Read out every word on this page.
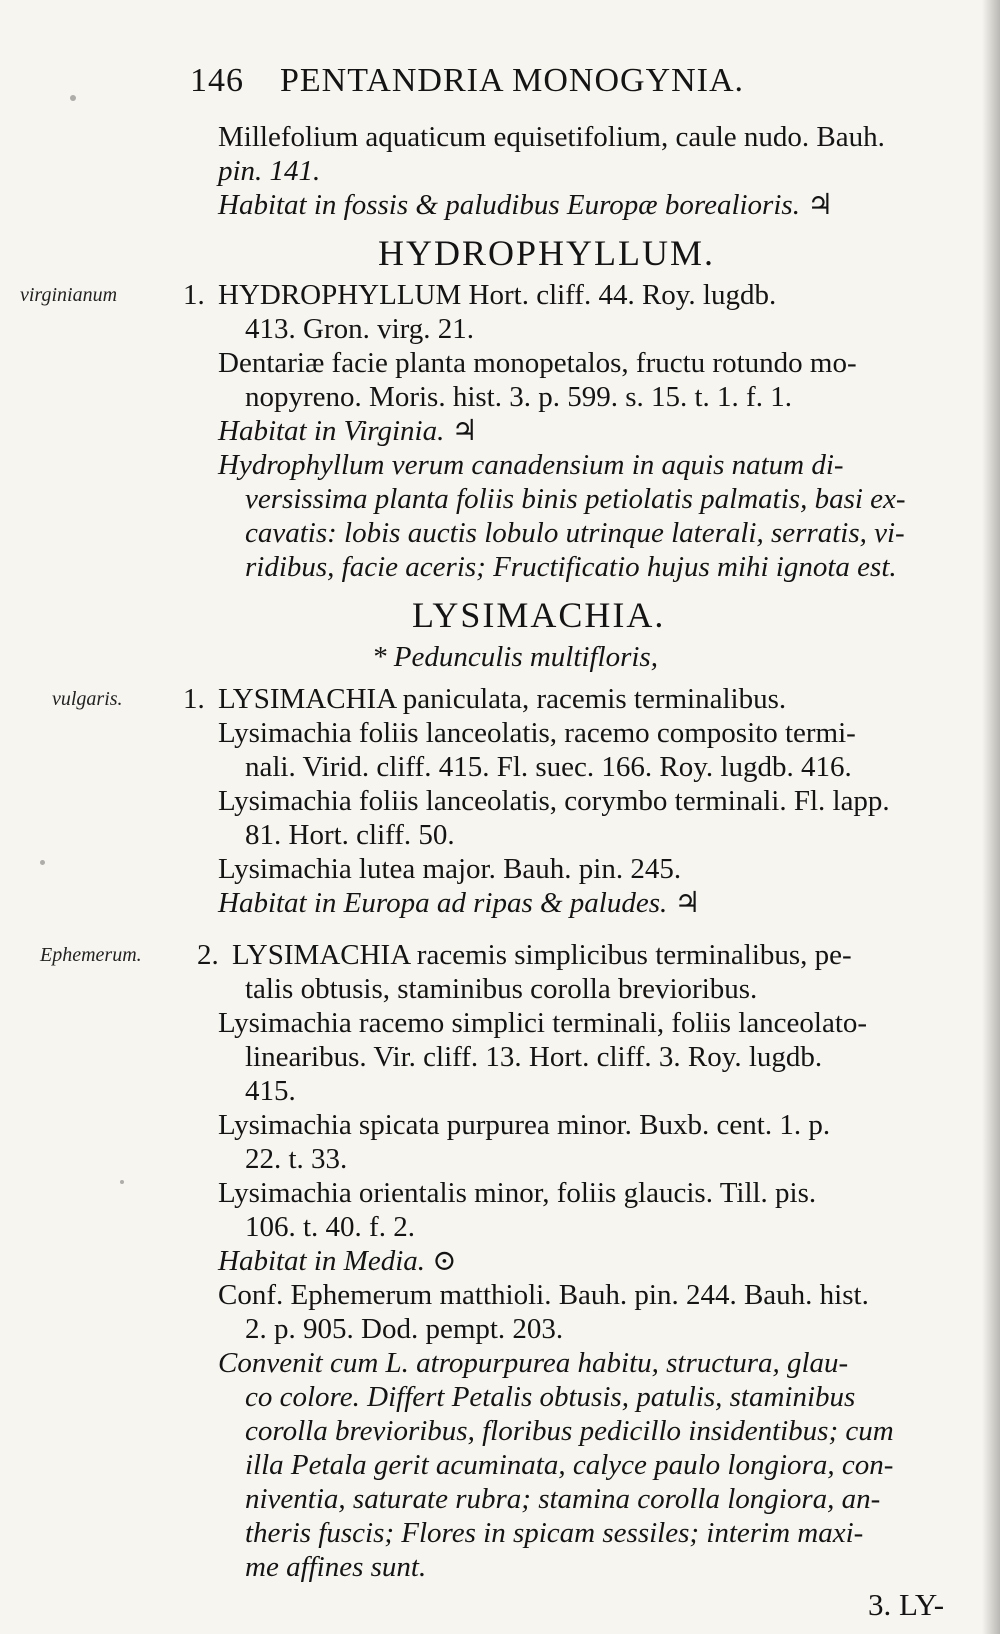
146 PENTANDRIA MONOGYNIA.
Millefolium aquaticum equisetifolium, caule nudo. Bauh.
pin. 141.
Habitat in fossis & paludibus Europæ borealioris. ♃
HYDROPHYLLUM.
virginianum 1. HYDROPHYLLUM Hort. cliff. 44. Roy. lugdb.
413. Gron. virg. 21.
Dentariæ facie planta monopetalos, fructu rotundo mo-
nopyreno. Moris. hist. 3. p. 599. s. 15. t. 1. f. 1.
Habitat in Virginia. ♃
Hydrophyllum verum canadensium in aquis natum di-
versissima planta foliis binis petiolatis palmatis, basi ex-
cavatis: lobis auctis lobulo utrinque laterali, serratis, vi-
ridibus, facie aceris; Fructificatio hujus mihi ignota est.
LYSIMACHIA.
* Pedunculis multifloris,
vulgaris. 1. LYSIMACHIA paniculata, racemis terminalibus.
Lysimachia foliis lanceolatis, racemo composito termi-
nali. Virid. cliff. 415. Fl. suec. 166. Roy. lugdb. 416.
Lysimachia foliis lanceolatis, corymbo terminali. Fl. lapp.
81. Hort. cliff. 50.
Lysimachia lutea major. Bauh. pin. 245.
Habitat in Europa ad ripas & paludes. ♃
Ephemerum. 2. LYSIMACHIA racemis simplicibus terminalibus, pe-
talis obtusis, staminibus corolla brevioribus.
Lysimachia racemo simplici terminali, foliis lanceolato-
linearibus. Vir. cliff. 13. Hort. cliff. 3. Roy. lugdb.
415.
Lysimachia spicata purpurea minor. Buxb. cent. 1. p.
22. t. 33.
Lysimachia orientalis minor, foliis glaucis. Till. pis.
106. t. 40. f. 2.
Habitat in Media. ⊙
Conf. Ephemerum matthioli. Bauh. pin. 244. Bauh. hist.
2. p. 905. Dod. pempt. 203.
Convenit cum L. atropurpurea habitu, structura, glau-
co colore. Differt Petalis obtusis, patulis, staminibus
corolla brevioribus, floribus pedicillo insidentibus; cum
illa Petala gerit acuminata, calyce paulo longiora, con-
niventia, saturate rubra; stamina corolla longiora, an-
theris fuscis; Flores in spicam sessiles; interim maxi-
me affines sunt.
3. LY-
